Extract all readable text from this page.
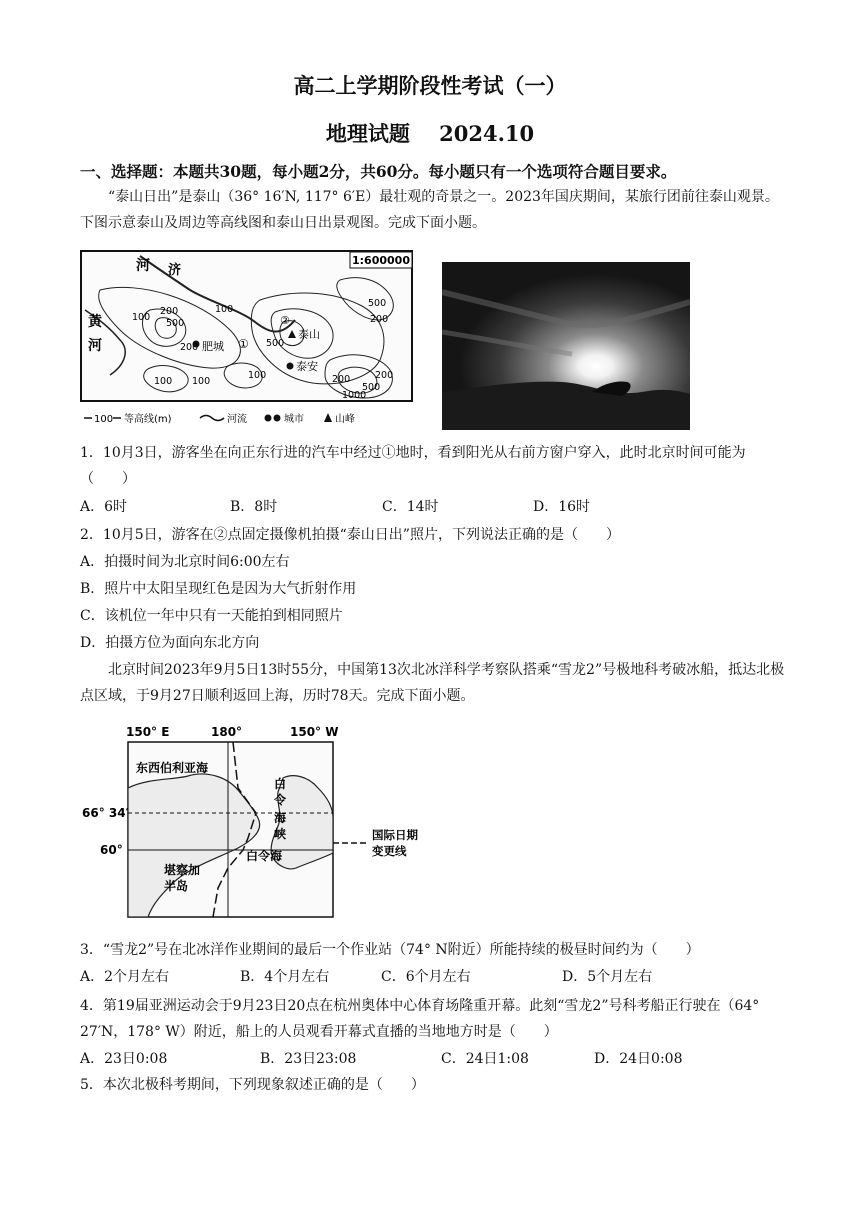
高二上学期阶段性考试（一）
地理试题 2024.10
一、选择题：本题共30题，每小题2分，共60分。每小题只有一个选项符合题目要求。
“泰山日出”是泰山（36° 16′N, 117° 6′E）最壮观的奇景之一。2023年国庆期间，某旅行团前往泰山观景。下图示意泰山及周边等高线图和泰山日出景观图。完成下面小题。
1:600000
河 济
黄
河	肥城 ①
②
泰山
泰安
100
200
500
100
200
500
200	500
100
100
100	200
1000
500
200
100 等高线(m)	河流	城市	山峰
1．10月3日，游客坐在向正东行进的汽车中经过①地时，看到阳光从右前方窗户穿入，此时北京时间可能为（　　）
A．6时	B．8时	C．14时	D．16时
2．10月5日，游客在②点固定摄像机拍摄“泰山日出”照片，下列说法正确的是（　　）
A．拍摄时间为北京时间6:00左右
B．照片中太阳呈现红色是因为大气折射作用
C．该机位一年中只有一天能拍到相同照片
D．拍摄方位为面向东北方向
北京时间2023年9月5日13时55分，中国第13次北冰洋科学考察队搭乘“雪龙2”号极地科考破冰船，抵达北极点区域，于9月27日顺利返回上海，历时78天。完成下面小题。
150° E	180°	150° W
66° 34′
60°
东西伯利亚海
白
令
海
峡
白令海
堪察加
半岛
国际日期
变更线
3．“雪龙2”号在北冰洋作业期间的最后一个作业站（74° N附近）所能持续的极昼时间约为（　　）
A．2个月左右	B．4个月左右	C．6个月左右	D．5个月左右
4．第19届亚洲运动会于9月23日20点在杭州奥体中心体育场隆重开幕。此刻“雪龙2”号科考船正行驶在（64° 27′N，178° W）附近，船上的人员观看开幕式直播的当地地方时是（　　）
A．23日0:08	B．23日23:08	C．24日1:08	D．24日0:08
5．本次北极科考期间，下列现象叙述正确的是（　　）
